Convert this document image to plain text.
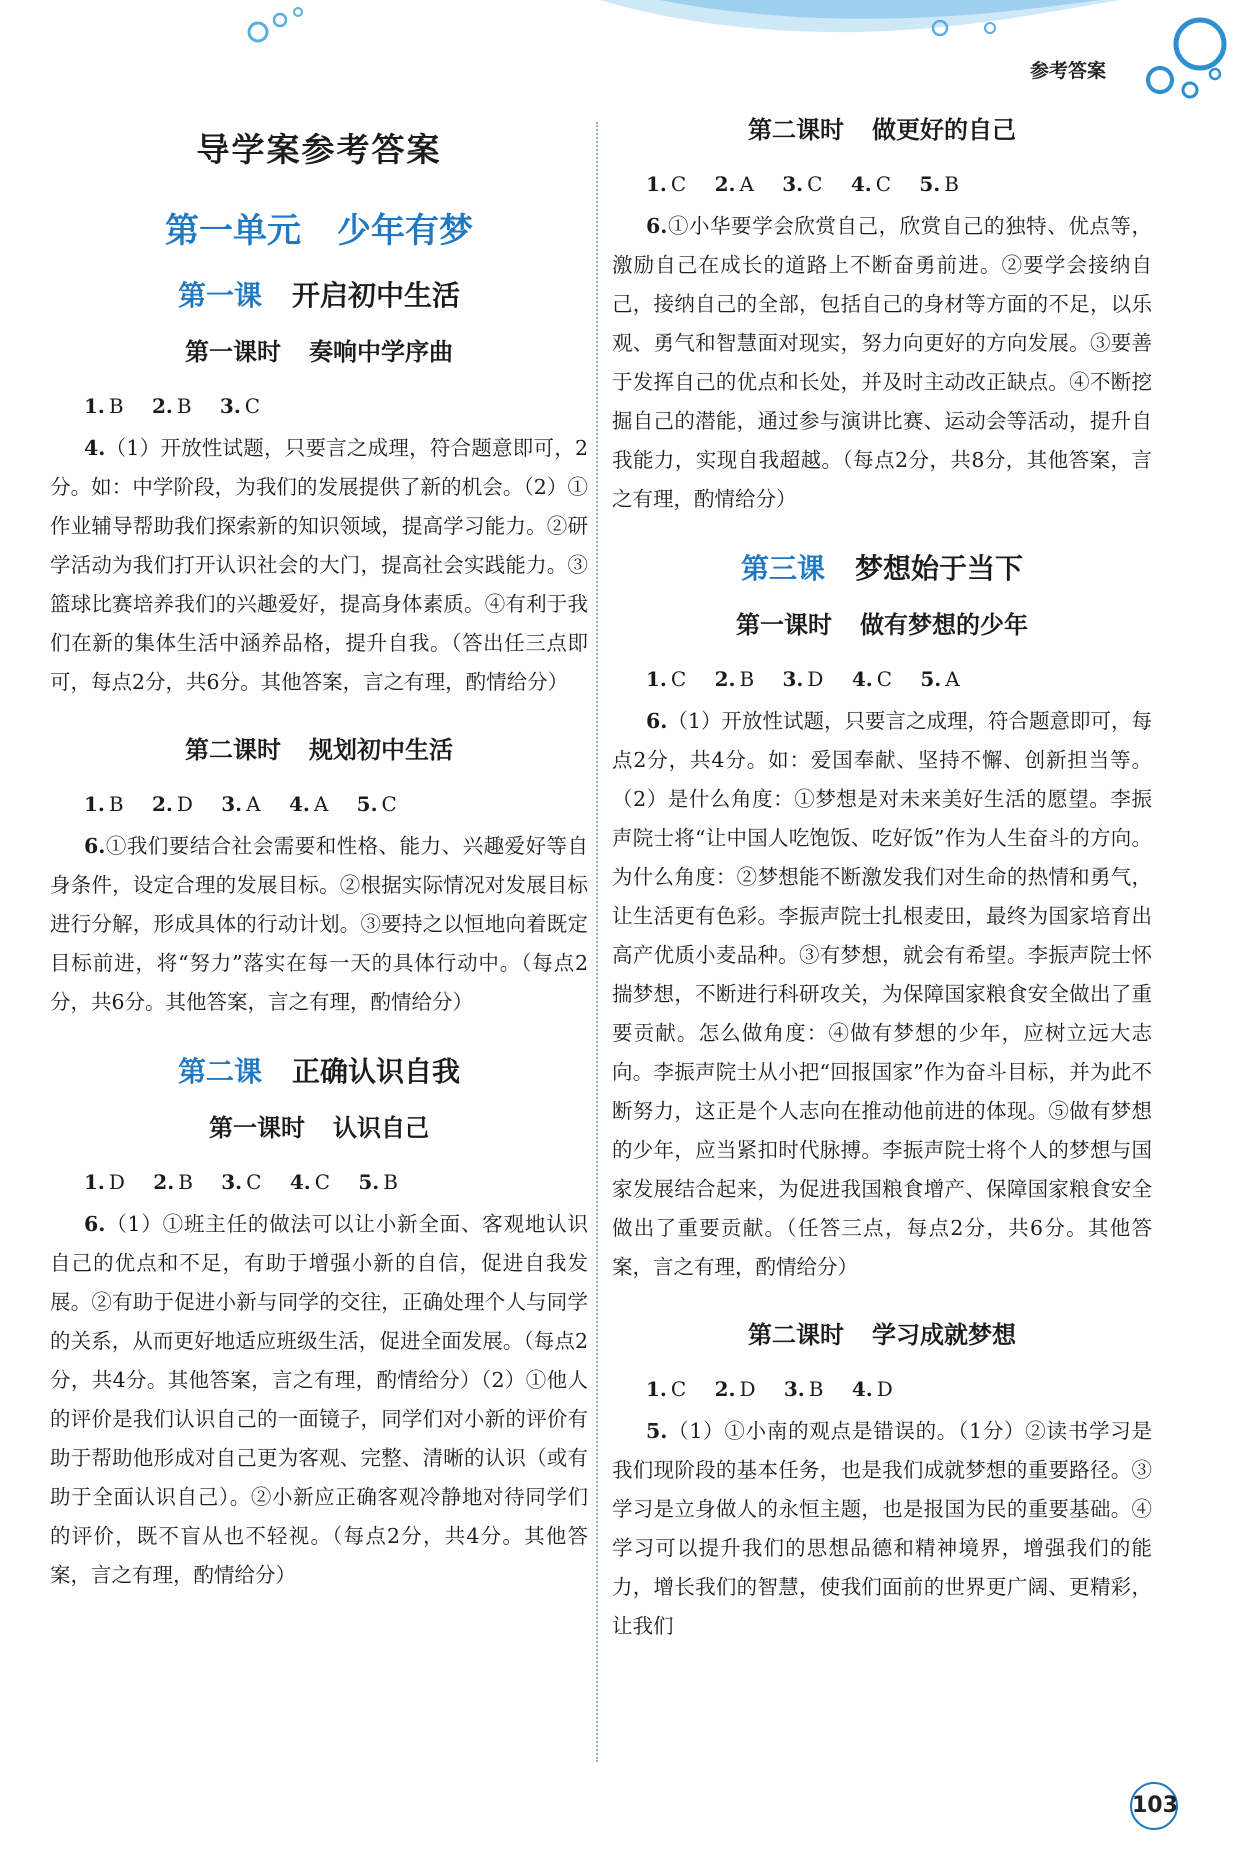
参考答案
导学案参考答案
第一单元 少年有梦
第一课 开启初中生活
第一课时 奏响中学序曲
1. B 2. B 3. C

4.（1）开放性试题，只要言之成理，符合题意即可，2分。如：中学阶段，为我们的发展提供了新的机会。（2）①作业辅导帮助我们探索新的知识领域，提高学习能力。②研学活动为我们打开认识社会的大门，提高社会实践能力。③篮球比赛培养我们的兴趣爱好，提高身体素质。④有利于我们在新的集体生活中涵养品格，提升自我。（答出任三点即可，每点2分，共6分。其他答案，言之有理，酌情给分）

第二课时 规划初中生活
1. B 2. D 3. A 4. A 5. C

6.①我们要结合社会需要和性格、能力、兴趣爱好等自身条件，设定合理的发展目标。②根据实际情况对发展目标进行分解，形成具体的行动计划。③要持之以恒地向着既定目标前进，将“努力”落实在每一天的具体行动中。（每点2分，共6分。其他答案，言之有理，酌情给分）

第二课 正确认识自我
第一课时 认识自己
1. D 2. B 3. C 4. C 5. B

6.（1）①班主任的做法可以让小新全面、客观地认识自己的优点和不足，有助于增强小新的自信，促进自我发展。②有助于促进小新与同学的交往，正确处理个人与同学的关系，从而更好地适应班级生活，促进全面发展。（每点2分，共4分。其他答案，言之有理，酌情给分）（2）①他人的评价是我们认识自己的一面镜子，同学们对小新的评价有助于帮助他形成对自己更为客观、完整、清晰的认识（或有助于全面认识自己）。②小新应正确客观冷静地对待同学们的评价，既不盲从也不轻视。（每点2分，共4分。其他答案，言之有理，酌情给分）

第二课时 做更好的自己
1. C 2. A 3. C 4. C 5. B

6.①小华要学会欣赏自己，欣赏自己的独特、优点等，激励自己在成长的道路上不断奋勇前进。②要学会接纳自己，接纳自己的全部，包括自己的身材等方面的不足，以乐观、勇气和智慧面对现实，努力向更好的方向发展。③要善于发挥自己的优点和长处，并及时主动改正缺点。④不断挖掘自己的潜能，通过参与演讲比赛、运动会等活动，提升自我能力，实现自我超越。（每点2分，共8分，其他答案，言之有理，酌情给分）

第三课 梦想始于当下
第一课时 做有梦想的少年
1. C 2. B 3. D 4. C 5. A

6.（1）开放性试题，只要言之成理，符合题意即可，每点2分，共4分。如：爱国奉献、坚持不懈、创新担当等。（2）是什么角度：①梦想是对未来美好生活的愿望。李振声院士将“让中国人吃饱饭、吃好饭”作为人生奋斗的方向。为什么角度：②梦想能不断激发我们对生命的热情和勇气，让生活更有色彩。李振声院士扎根麦田，最终为国家培育出高产优质小麦品种。③有梦想，就会有希望。李振声院士怀揣梦想，不断进行科研攻关，为保障国家粮食安全做出了重要贡献。怎么做角度：④做有梦想的少年，应树立远大志向。李振声院士从小把“回报国家”作为奋斗目标，并为此不断努力，这正是个人志向在推动他前进的体现。⑤做有梦想的少年，应当紧扣时代脉搏。李振声院士将个人的梦想与国家发展结合起来，为促进我国粮食增产、保障国家粮食安全做出了重要贡献。（任答三点，每点2分，共6分。其他答案，言之有理，酌情给分）

第二课时 学习成就梦想
1. C 2. D 3. B 4. D

5.（1）①小南的观点是错误的。（1分）②读书学习是我们现阶段的基本任务，也是我们成就梦想的重要路径。③学习是立身做人的永恒主题，也是报国为民的重要基础。④学习可以提升我们的思想品德和精神境界，增强我们的能力，增长我们的智慧，使我们面前的世界更广阔、更精彩，让我们

103
